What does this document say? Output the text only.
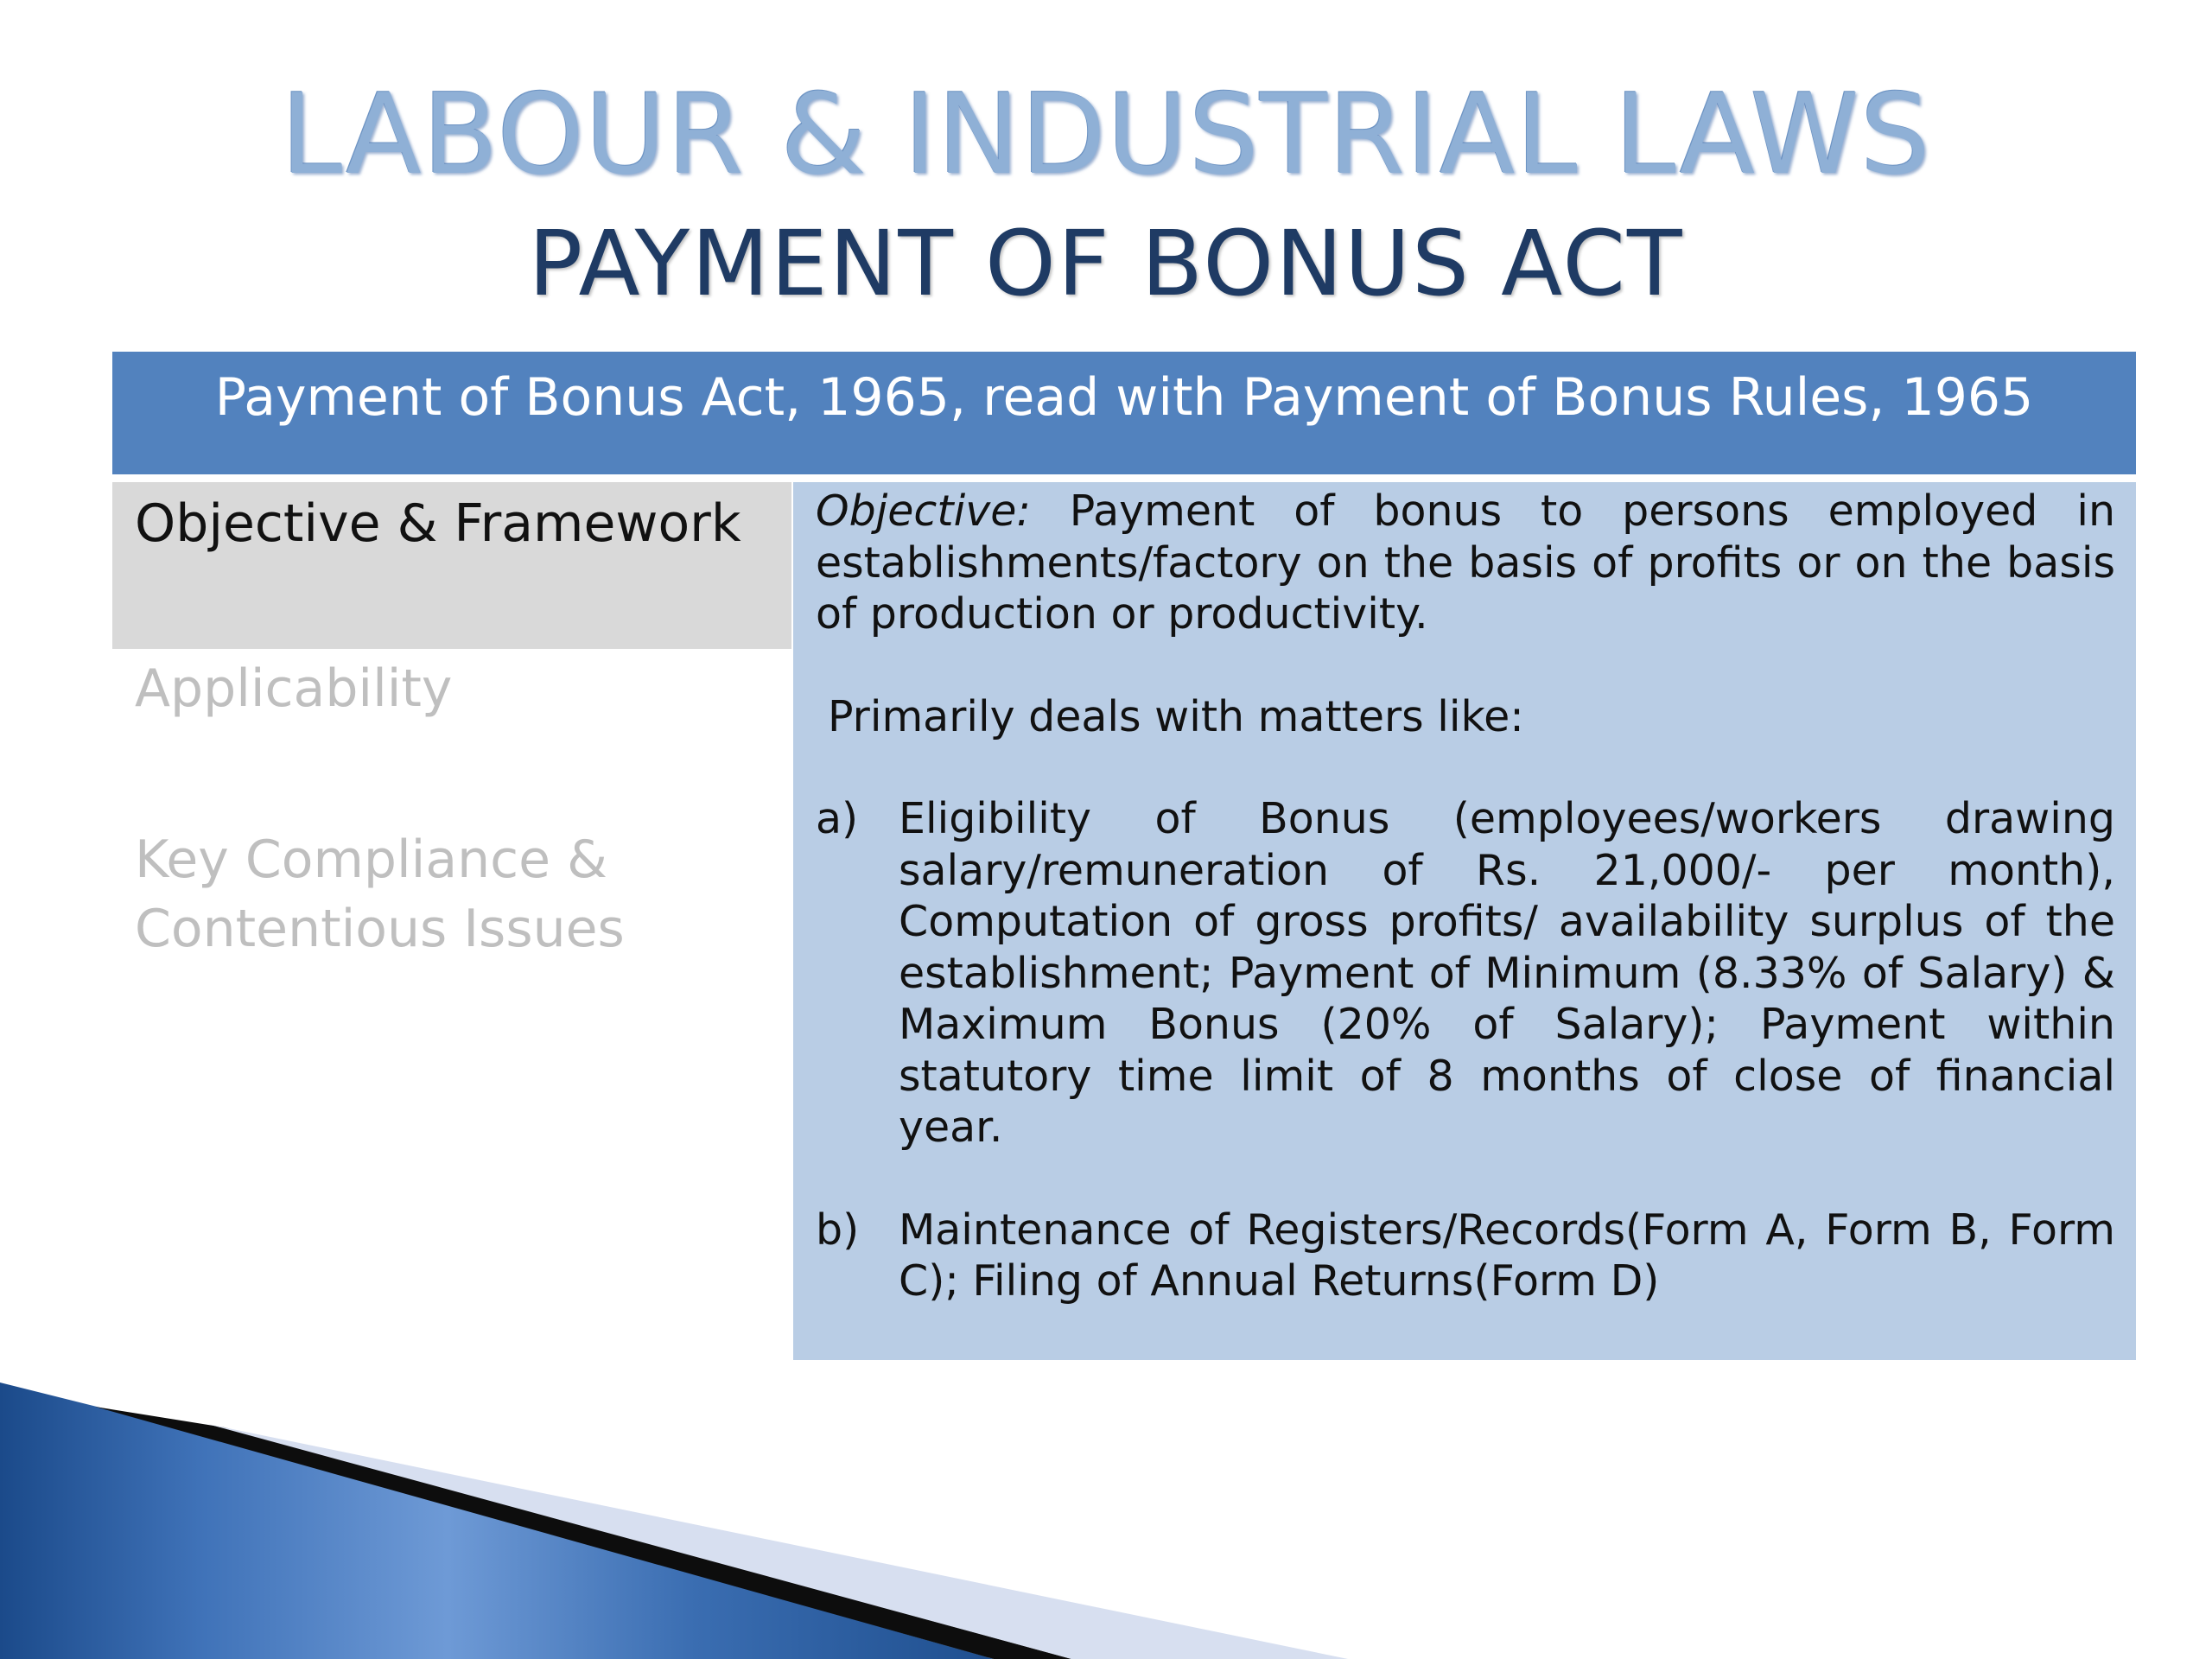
LABOUR & INDUSTRIAL LAWS
PAYMENT OF BONUS ACT
Payment of Bonus Act, 1965, read with Payment of Bonus Rules, 1965
Objective & Framework
Applicability
Key Compliance & Contentious Issues

Objective: Payment of bonus to persons employed in establishments/factory on the basis of profits or on the basis of production or productivity.

Primarily deals with matters like:

a) Eligibility of Bonus (employees/workers drawing salary/remuneration of Rs. 21,000/- per month), Computation of gross profits/ availability surplus of the establishment; Payment of Minimum (8.33% of Salary) & Maximum Bonus (20% of Salary); Payment within statutory time limit of 8 months of close of financial year.
b) Maintenance of Registers/Records(Form A, Form B, Form C); Filing of Annual Returns(Form D)
